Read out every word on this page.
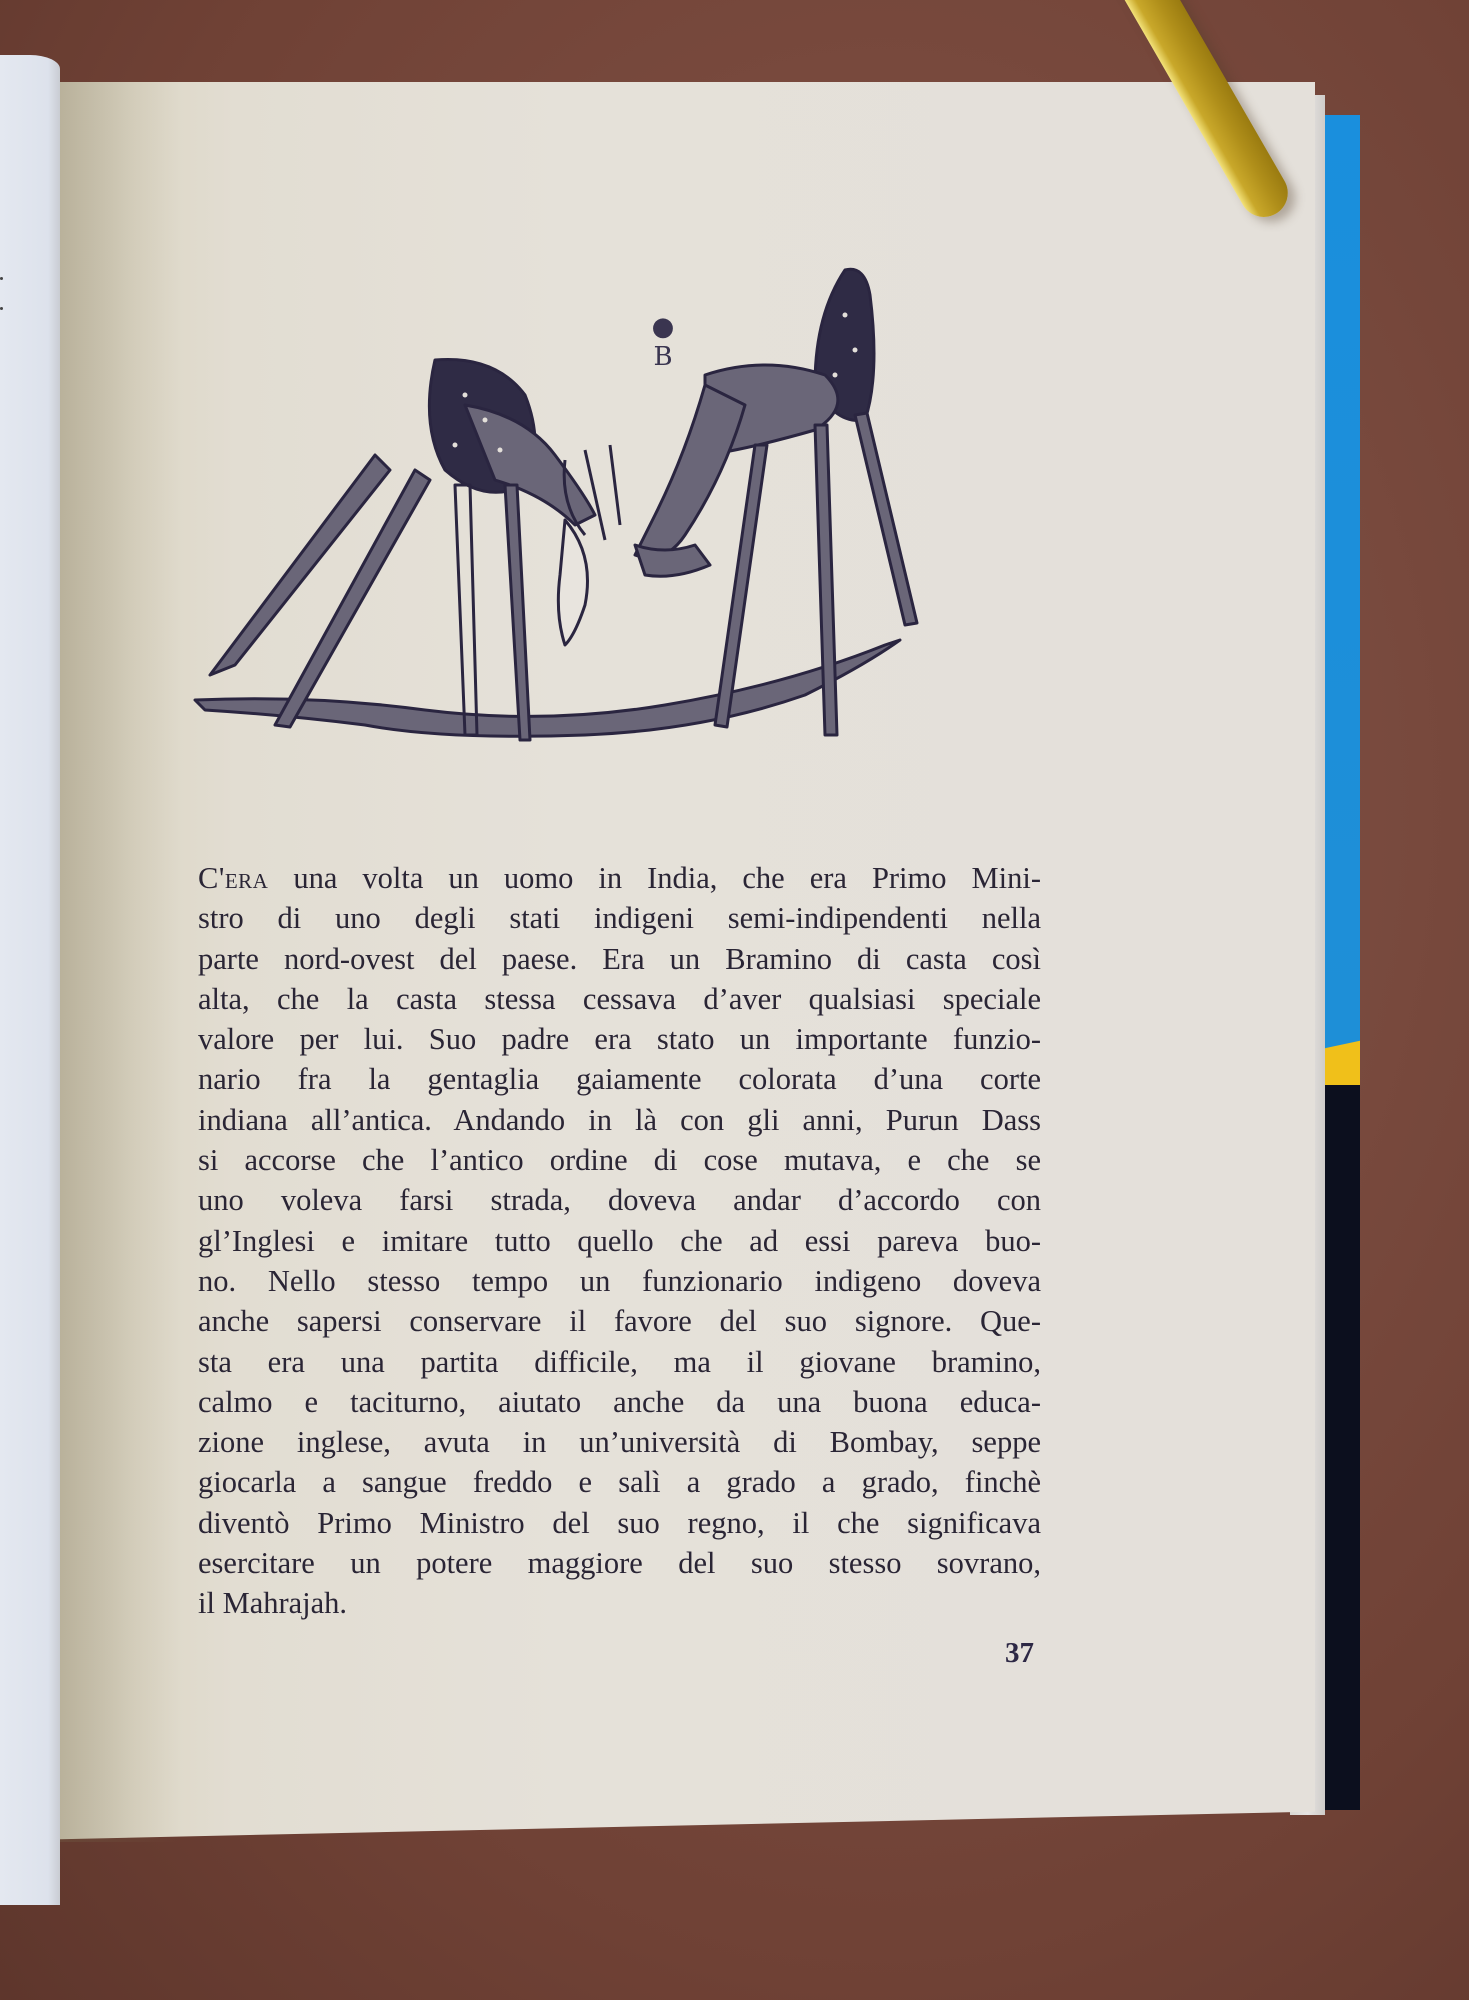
●
B
C'era una volta un uomo in India, che era Primo Mini-
stro di uno degli stati indigeni semi-indipendenti nella
parte nord-ovest del paese. Era un Bramino di casta così
alta, che la casta stessa cessava d’aver qualsiasi speciale
valore per lui. Suo padre era stato un importante funzio-
nario fra la gentaglia gaiamente colorata d’una corte
indiana all’antica. Andando in là con gli anni, Purun Dass
si accorse che l’antico ordine di cose mutava, e che se
uno voleva farsi strada, doveva andar d’accordo con
gl’Inglesi e imitare tutto quello che ad essi pareva buo-
no. Nello stesso tempo un funzionario indigeno doveva
anche sapersi conservare il favore del suo signore. Que-
sta era una partita difficile, ma il giovane bramino,
calmo e taciturno, aiutato anche da una buona educa-
zione inglese, avuta in un’università di Bombay, seppe
giocarla a sangue freddo e salì a grado a grado, finchè
diventò Primo Ministro del suo regno, il che significava
esercitare un potere maggiore del suo stesso sovrano,
il Mahrajah.
37
